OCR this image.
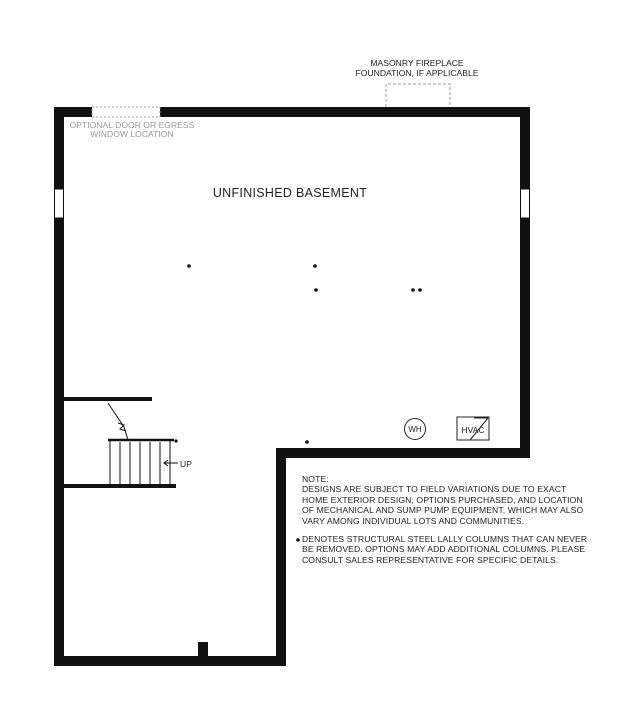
WH	HVAC
UNFINISHED BASEMENT
MASONRY FIREPLACE
FOUNDATION, IF APPLICABLE
OPTIONAL DOOR OR EGRESS
WINDOW LOCATION
UP
NOTE:
DESIGNS ARE SUBJECT TO FIELD VARIATIONS DUE TO EXACT
HOME EXTERIOR DESIGN, OPTIONS PURCHASED, AND LOCATION
OF MECHANICAL AND SUMP PUMP EQUIPMENT, WHICH MAY ALSO
VARY AMONG INDIVIDUAL LOTS AND COMMUNITIES.
DENOTES STRUCTURAL STEEL LALLY COLUMNS THAT CAN NEVER
BE REMOVED. OPTIONS MAY ADD ADDITIONAL COLUMNS. PLEASE
CONSULT SALES REPRESENTATIVE FOR SPECIFIC DETAILS.
